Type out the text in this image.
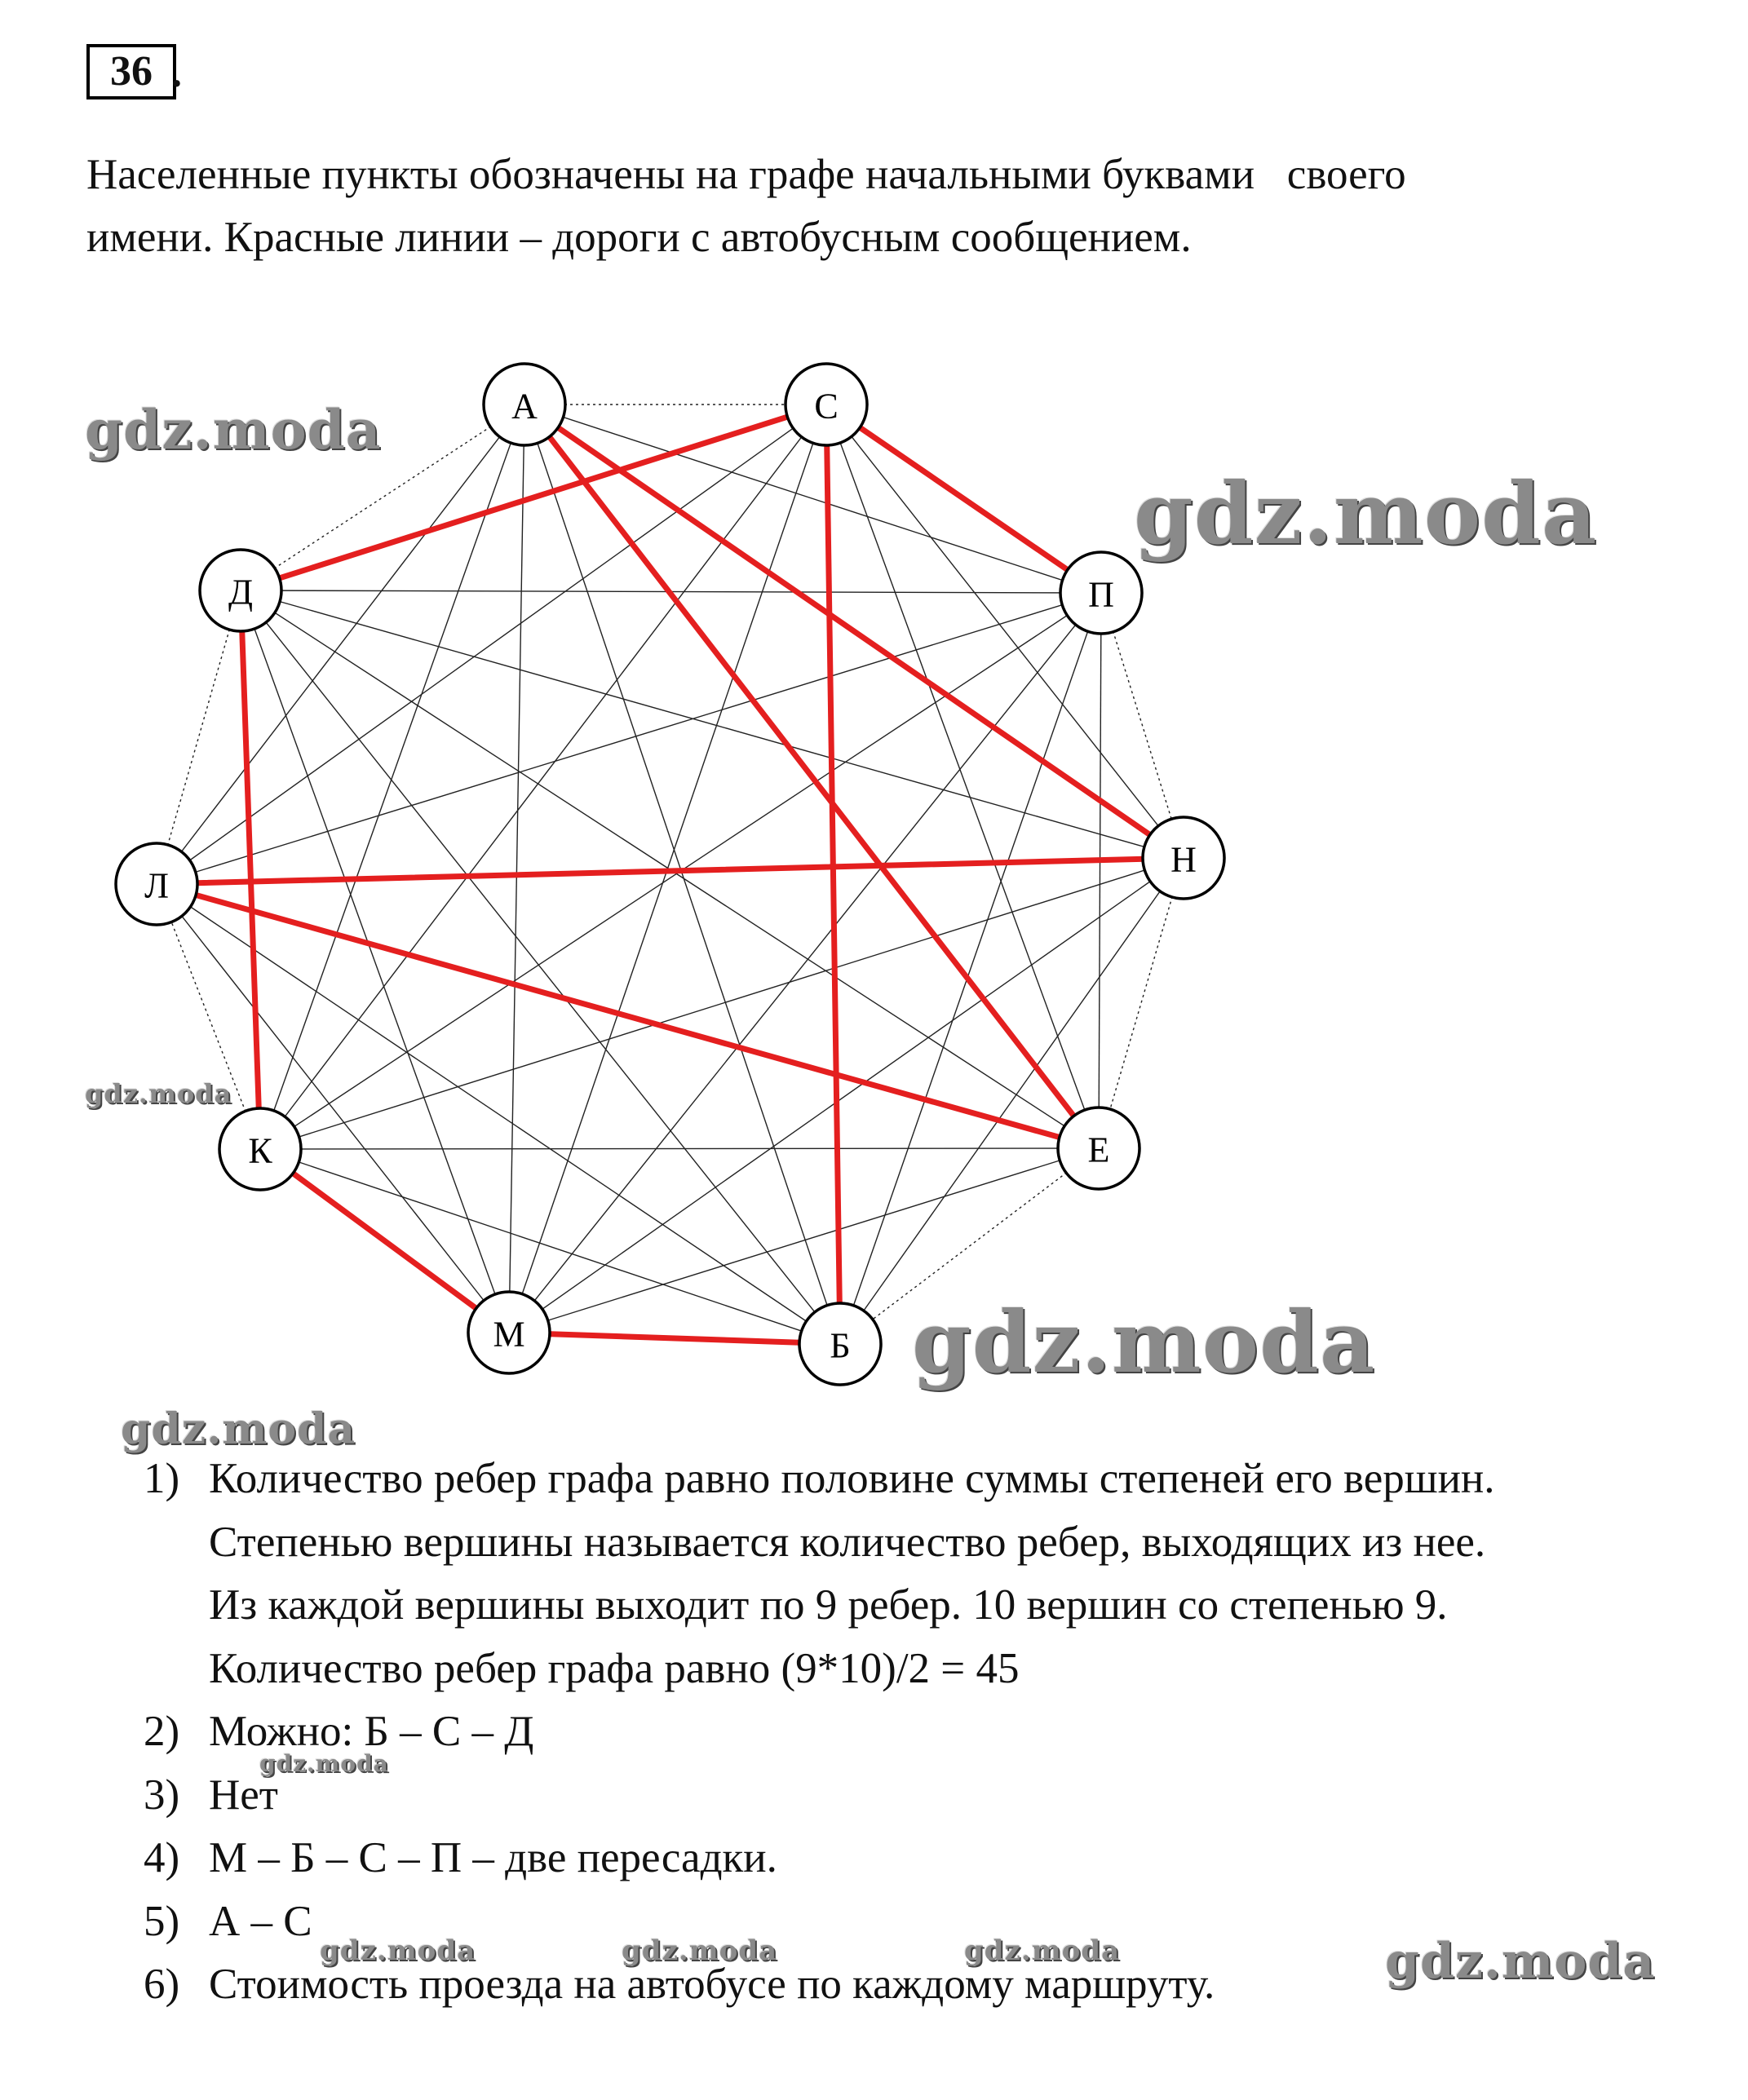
36 .
Населенные пункты обозначены на графе начальными буквами   своего
имени. Красные линии – дороги с автобусным сообщением.
А	С
П
Н
Е
Б
М
К
Л
Д
1) Количество ребер графа равно половине суммы степеней его вершин.
Степенью вершины называется количество ребер, выходящих из нее.
Из каждой вершины выходит по 9 ребер. 10 вершин со степенью 9.
Количество ребер графа равно (9*10)/2 = 45
2) Можно: Б – С – Д
3) Нет
4) М – Б – С – П – две пересадки.
5) А – С
6) Стоимость проезда на автобусе по каждому маршруту.
gdz.moda
gdz.moda
gdz.moda
gdz.moda
gdz.moda
gdz.moda
gdz.moda	gdz.moda	gdz.moda	gdz.moda
